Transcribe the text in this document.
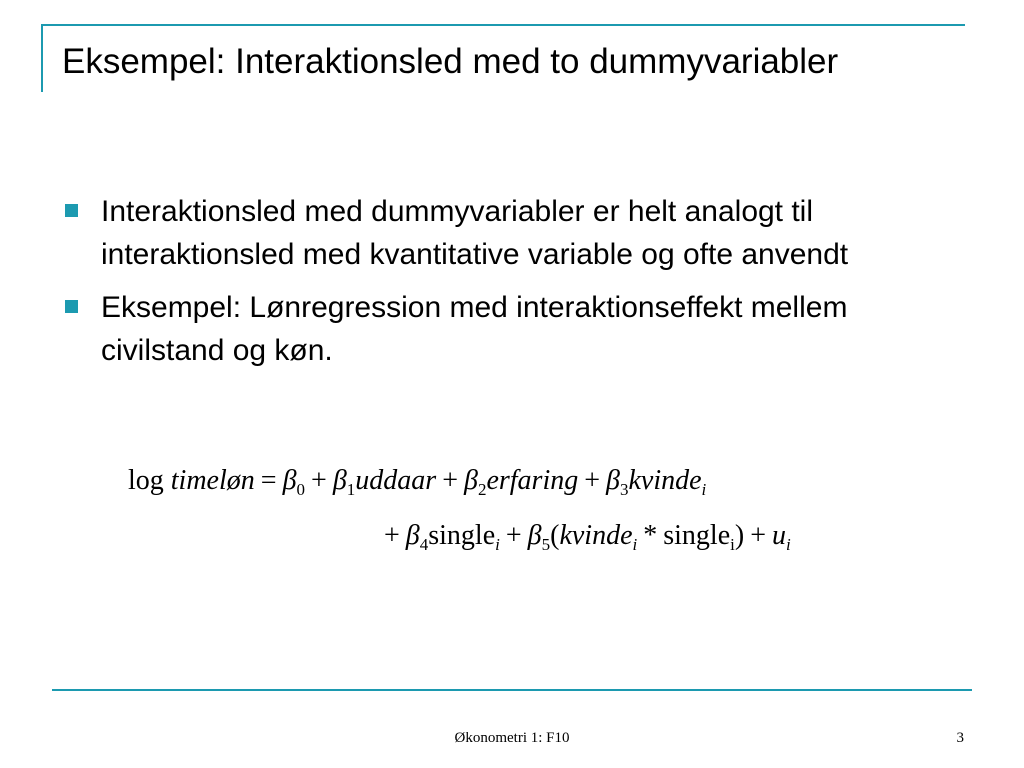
Eksempel: Interaktionsled med to dummyvariabler
Interaktionsled med dummyvariabler er helt analogt til interaktionsled med kvantitative variable og ofte anvendt
Eksempel: Lønregression med interaktionseffekt mellem civilstand og køn.
log timeløn = $\beta_0$ + $\beta_1uddaar$ + $\beta_2erfaring$ + $\beta_3kvinde_i$
+ $\beta_4single_i$ + $\beta_5(kvinde_i$ * single$_i$) + $u_i$
Økonometri 1: F10	3
